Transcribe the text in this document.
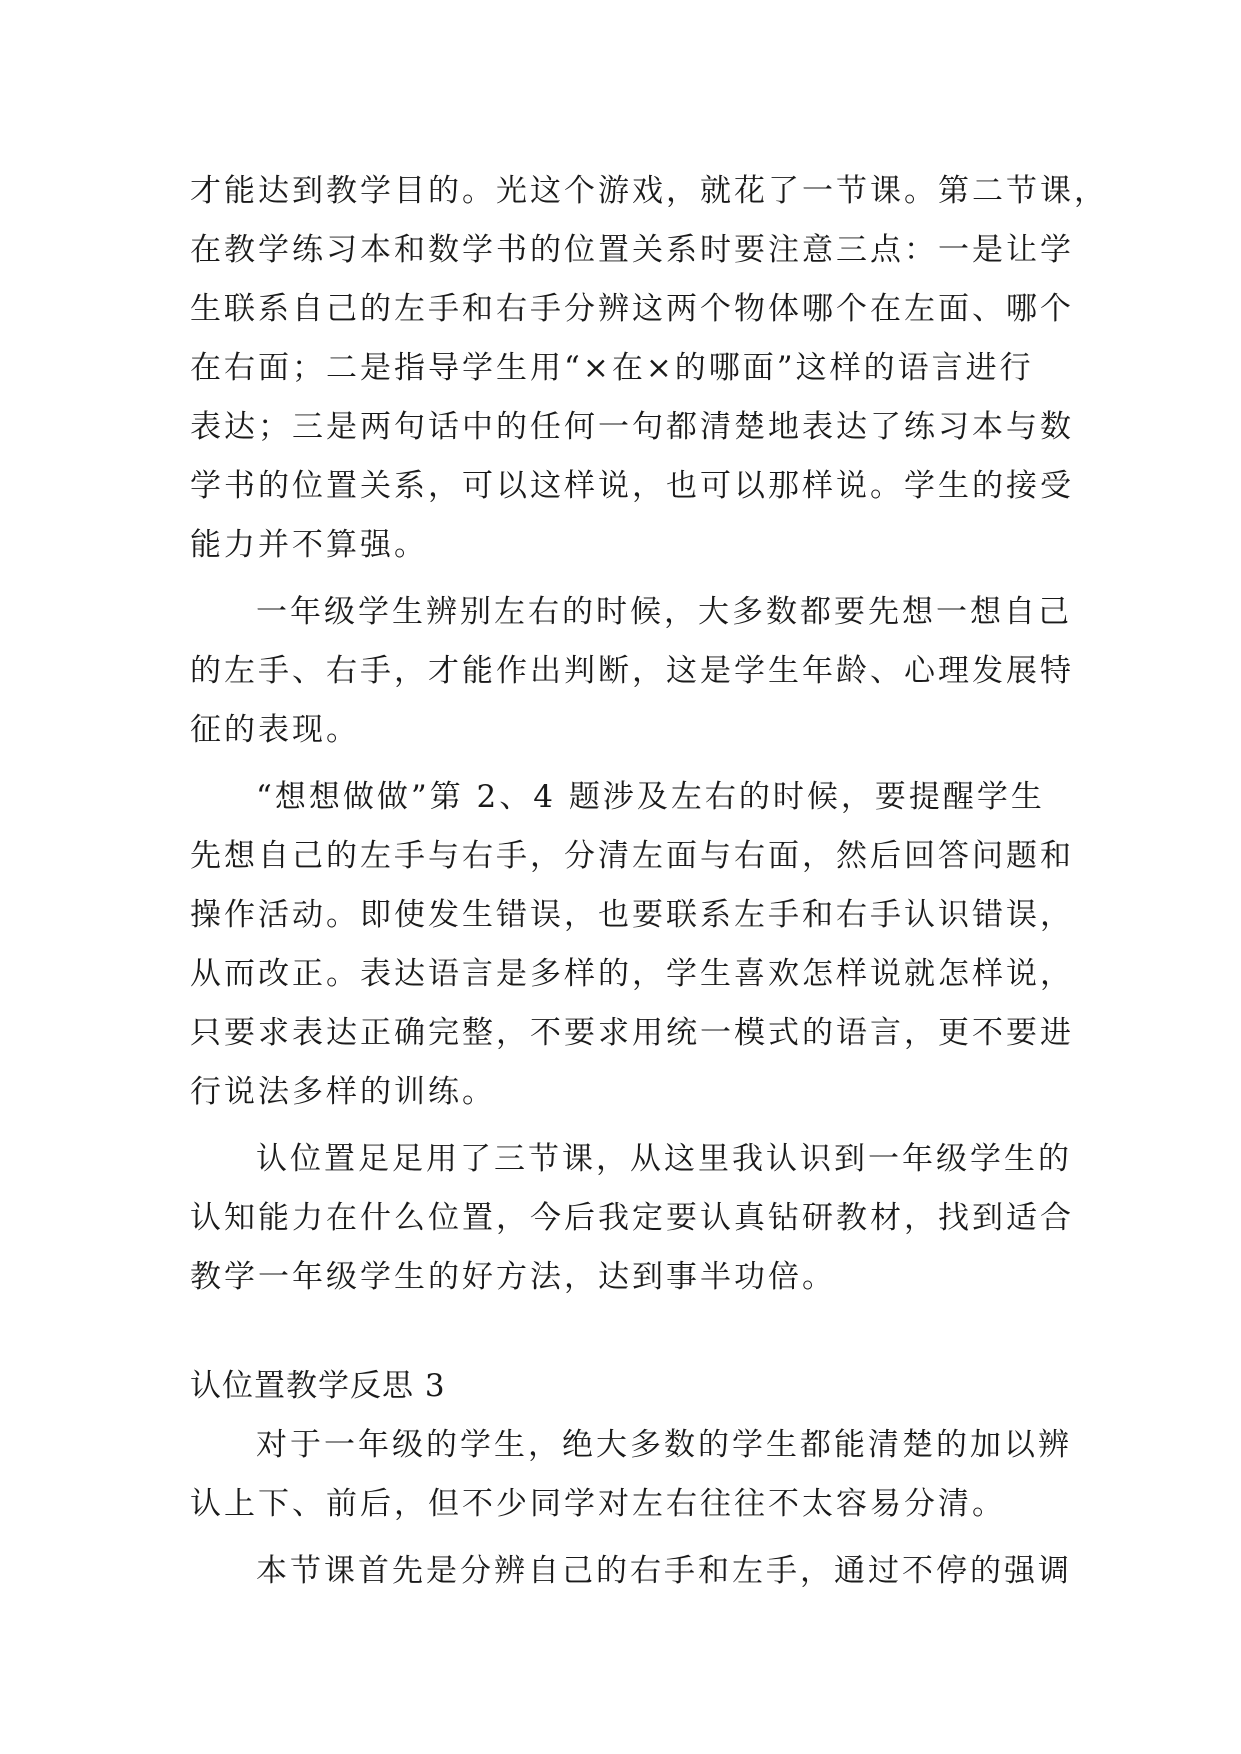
才能达到教学目的。光这个游戏，就花了一节课。第二节课，
在教学练习本和数学书的位置关系时要注意三点：一是让学
生联系自己的左手和右手分辨这两个物体哪个在左面、哪个
在右面；二是指导学生用“×在×的哪面”这样的语言进行
表达；三是两句话中的任何一句都清楚地表达了练习本与数
学书的位置关系，可以这样说，也可以那样说。学生的接受
能力并不算强。
一年级学生辨别左右的时候，大多数都要先想一想自己
的左手、右手，才能作出判断，这是学生年龄、心理发展特
征的表现。
“想想做做”第 2、4 题涉及左右的时候，要提醒学生
先想自己的左手与右手，分清左面与右面，然后回答问题和
操作活动。即使发生错误，也要联系左手和右手认识错误，
从而改正。表达语言是多样的，学生喜欢怎样说就怎样说，
只要求表达正确完整，不要求用统一模式的语言，更不要进
行说法多样的训练。
认位置足足用了三节课，从这里我认识到一年级学生的
认知能力在什么位置，今后我定要认真钻研教材，找到适合
教学一年级学生的好方法，达到事半功倍。
认位置教学反思 3
对于一年级的学生，绝大多数的学生都能清楚的加以辨
认上下、前后，但不少同学对左右往往不太容易分清。
本节课首先是分辨自己的右手和左手，通过不停的强调
